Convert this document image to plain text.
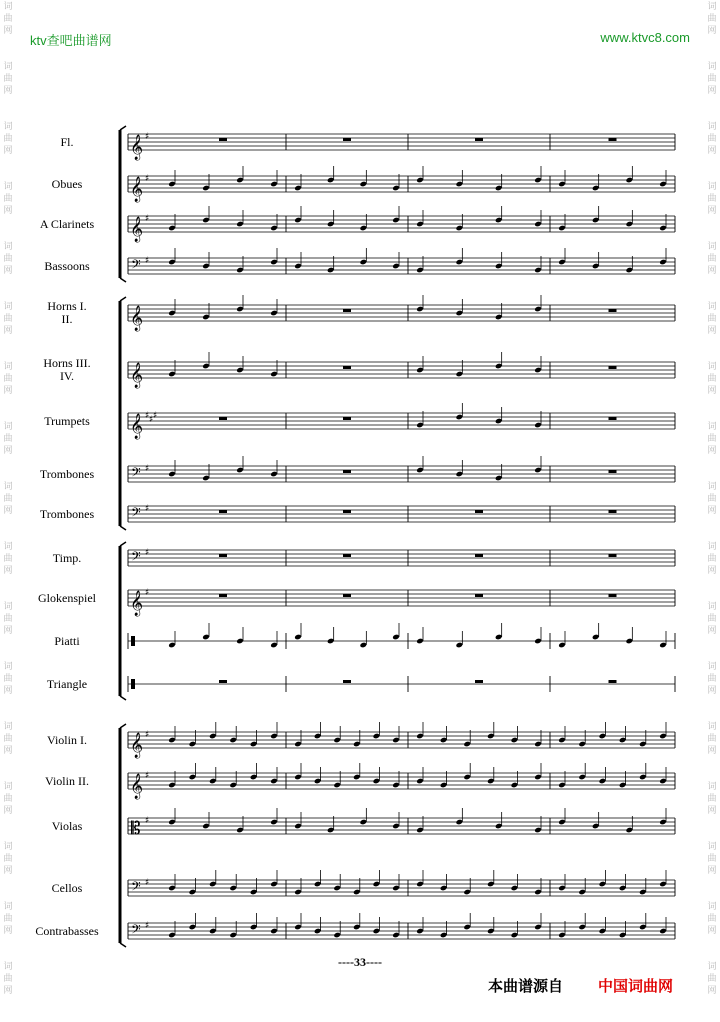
ktv查吧曲谱网	www.ktvc8.com
词
曲
网
词
曲
网
词
曲
网
词
曲
网
词
曲
网
词
曲
网
词
曲
网
词
曲
网
词
曲
网
词
曲
网
词
曲
网
词
曲
网
词
曲
网
词
曲
网
词
曲
网
词
曲
网
词
曲
网
词
曲
网
词
曲
网
词
曲
网
词
曲
网
词
曲
网
词
曲
网
词
曲
网
词
曲
网
词
曲
网
词
曲
网
词
曲
网
词
曲
网
词
曲
网
词
曲
网
词
曲
网
词
曲
网
词
曲
网
𝄞 ♯
𝄞 ♯
𝄞 ♯
𝄢 ♯
𝄞
𝄞
𝄞 ♯ ♯ ♯
𝄢 ♯
𝄢 ♯
𝄢 ♯
𝄞 ♯
𝄞 ♯
𝄞 ♯
𝄡 ♯
𝄢 ♯
𝄢 ♯
Fl.
Obues
A Clarinets
Bassoons
Horns I.
II.
Horns III.
IV.
Trumpets
Trombones
Trombones
Timp.
Glokenspiel
Piatti
Triangle
Violin I.
Violin II.
Violas
Cellos
Contrabasses
----33----
本曲谱源自 中国词曲网
